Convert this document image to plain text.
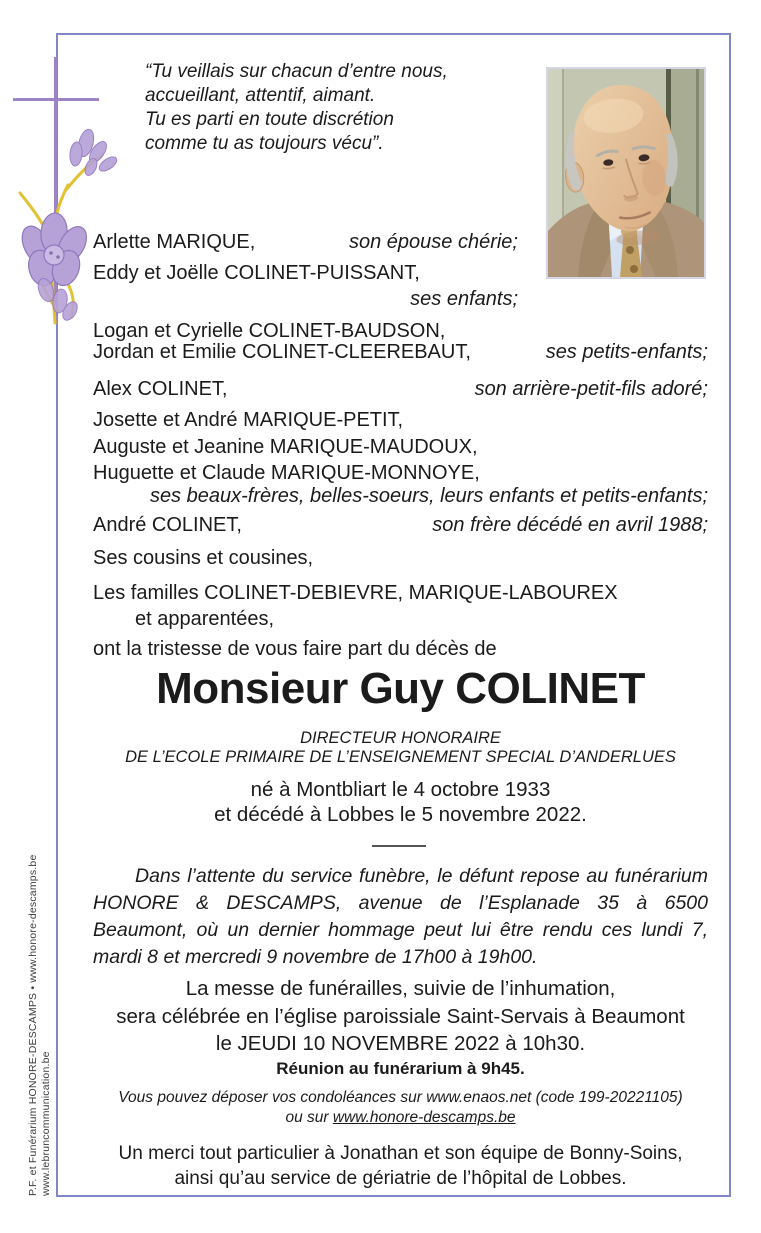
“Tu veillais sur chacun d’entre nous,
accueillant, attentif, aimant.
Tu es parti en toute discrétion
comme tu as toujours vécu”.
Arlette MARIQUE,	son épouse chérie;
Eddy et Joëlle COLINET-PUISSANT,
ses enfants;
Logan et Cyrielle COLINET-BAUDSON,
Jordan et Emilie COLINET-CLEEREBAUT,	ses petits-enfants;
Alex COLINET,	son arrière-petit-fils adoré;
Josette et André MARIQUE-PETIT,
Auguste et Jeanine MARIQUE-MAUDOUX,
Huguette et Claude MARIQUE-MONNOYE,
ses beaux-frères, belles-soeurs, leurs enfants et petits-enfants;
André COLINET,	son frère décédé en avril 1988;
Ses cousins et cousines,
Les familles COLINET-DEBIEVRE, MARIQUE-LABOUREX
et apparentées,
ont la tristesse de vous faire part du décès de
Monsieur Guy COLINET
DIRECTEUR HONORAIRE
DE L’ECOLE PRIMAIRE DE L’ENSEIGNEMENT SPECIAL D’ANDERLUES
né à Montbliart le 4 octobre 1933
et décédé à Lobbes le 5 novembre 2022.

Dans l’attente du service funèbre, le défunt repose au funérarium HONORE & DESCAMPS, avenue de l’Esplanade 35 à 6500 Beaumont, où un dernier hommage peut lui être rendu ces lundi 7, mardi 8 et mercredi 9 novembre de 17h00 à 19h00.

La messe de funérailles, suivie de l’inhumation,
sera célébrée en l’église paroissiale Saint-Servais à Beaumont
le JEUDI 10 NOVEMBRE 2022 à 10h30.
Réunion au funérarium à 9h45.
Vous pouvez déposer vos condoléances sur www.enaos.net (code 199-20221105)
ou sur www.honore-descamps.be
Un merci tout particulier à Jonathan et son équipe de Bonny-Soins,
ainsi qu’au service de gériatrie de l’hôpital de Lobbes.
P.F. et Funérarium HONORE-DESCAMPS • www.honore-descamps.be www.lebruncommunication.be
